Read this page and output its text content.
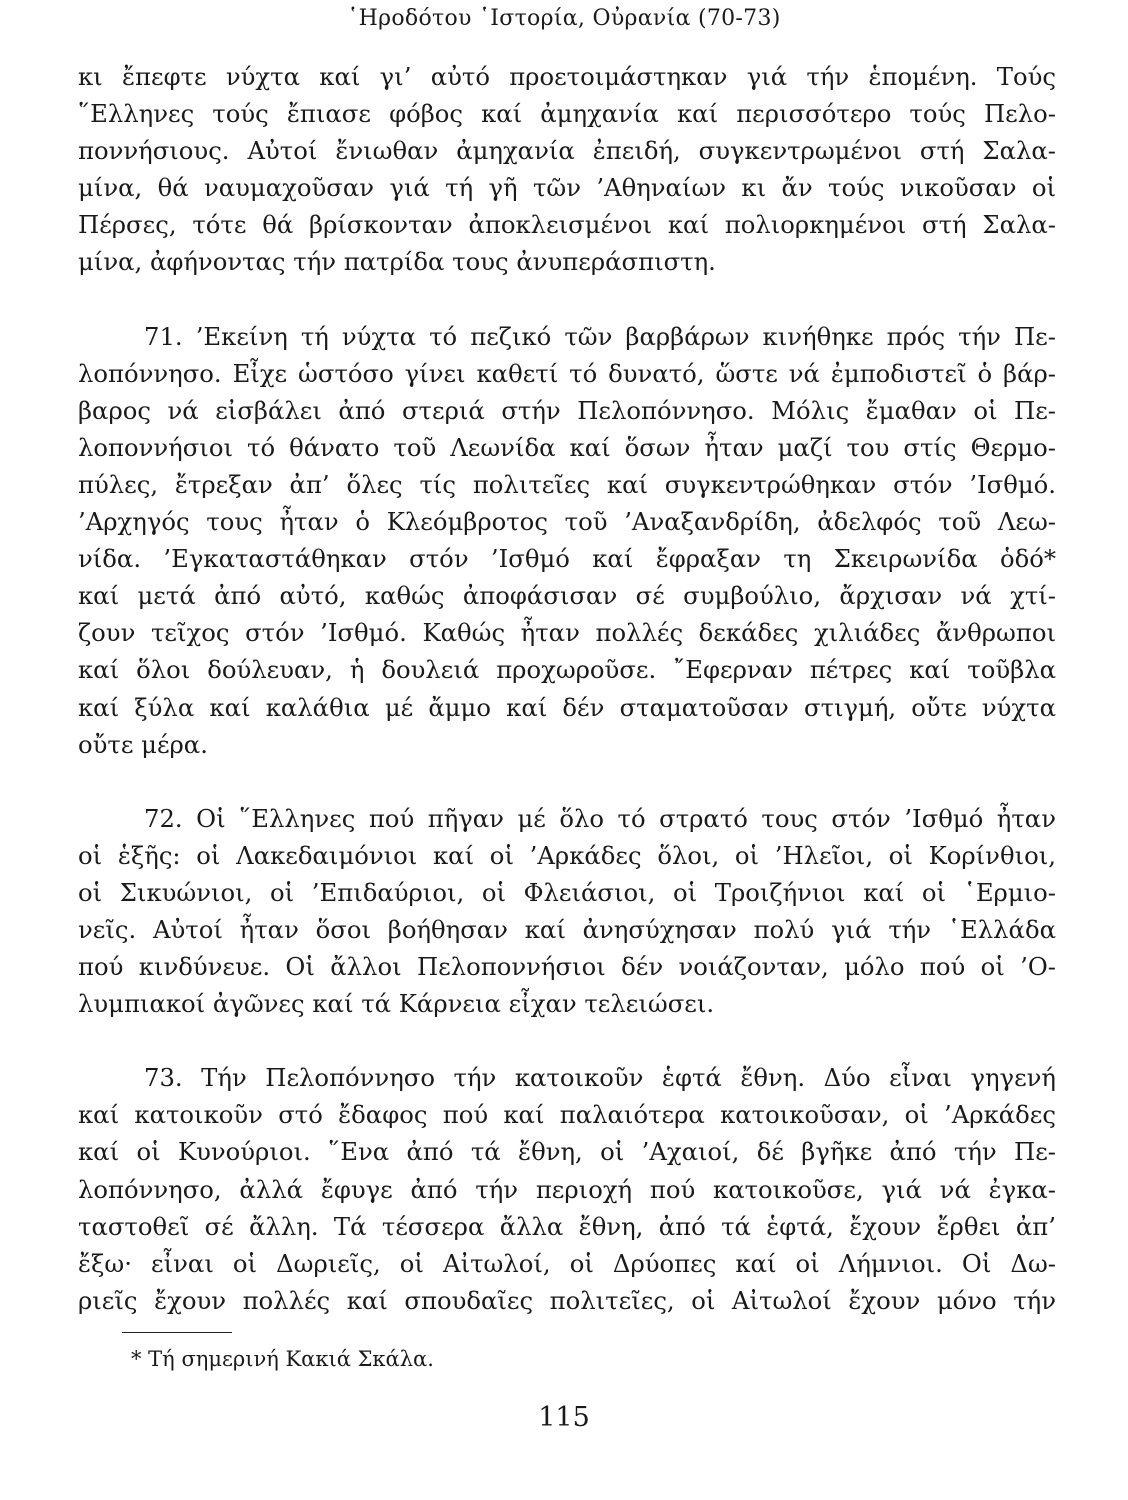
῾Ηροδότου ῾Ιστορία, Οὐρανία (70-73)
κι ἔπεφτε νύχτα καί γι’ αὐτό προετοιμάστηκαν γιά τήν ἑπομένη. Τούς
῞Ελληνες τούς ἔπιασε φόβος καί ἀμηχανία καί περισσότερο τούς Πελο-
ποννήσιους. Αὐτοί ἔνιωθαν ἀμηχανία ἐπειδή, συγκεντρωμένοι στή Σαλα-
μίνα, θά ναυμαχοῦσαν γιά τή γῆ τῶν ’Αθηναίων κι ἄν τούς νικοῦσαν οἱ
Πέρσες, τότε θά βρίσκονταν ἀποκλεισμένοι καί πολιορκημένοι στή Σαλα-
μίνα, ἀφήνοντας τήν πατρίδα τους ἀνυπεράσπιστη.
71. ’Εκείνη τή νύχτα τό πεζικό τῶν βαρβάρων κινήθηκε πρός τήν Πε-
λοπόννησο. Εἶχε ὡστόσο γίνει καθετί τό δυνατό, ὥστε νά ἐμποδιστεῖ ὁ βάρ-
βαρος νά εἰσβάλει ἀπό στεριά στήν Πελοπόννησο. Μόλις ἔμαθαν οἱ Πε-
λοποννήσιοι τό θάνατο τοῦ Λεωνίδα καί ὅσων ἦταν μαζί του στίς Θερμο-
πύλες, ἔτρεξαν ἀπ’ ὅλες τίς πολιτεῖες καί συγκεντρώθηκαν στόν ’Ισθμό.
’Αρχηγός τους ἦταν ὁ Κλεόμβροτος τοῦ ’Αναξανδρίδη, ἀδελφός τοῦ Λεω-
νίδα. ’Εγκαταστάθηκαν στόν ’Ισθμό καί ἔφραξαν τη Σκειρωνίδα ὁδό*
καί μετά ἀπό αὐτό, καθώς ἀποφάσισαν σέ συμβούλιο, ἄρχισαν νά χτί-
ζουν τεῖχος στόν ’Ισθμό. Καθώς ἦταν πολλές δεκάδες χιλιάδες ἄνθρωποι
καί ὅλοι δούλευαν, ἡ δουλειά προχωροῦσε. ῎Εφερναν πέτρες καί τοῦβλα
καί ξύλα καί καλάθια μέ ἄμμο καί δέν σταματοῦσαν στιγμή, οὔτε νύχτα
οὔτε μέρα.
72. Οἱ ῞Ελληνες πού πῆγαν μέ ὅλο τό στρατό τους στόν ’Ισθμό ἦταν
οἱ ἑξῆς: οἱ Λακεδαιμόνιοι καί οἱ ’Αρκάδες ὅλοι, οἱ ’Ηλεῖοι, οἱ Κορίνθιοι,
οἱ Σικυώνιοι, οἱ ’Επιδαύριοι, οἱ Φλειάσιοι, οἱ Τροιζήνιοι καί οἱ ῾Ερμιο-
νεῖς. Αὐτοί ἦταν ὅσοι βοήθησαν καί ἀνησύχησαν πολύ γιά τήν ῾Ελλάδα
πού κινδύνευε. Οἱ ἄλλοι Πελοποννήσιοι δέν νοιάζονταν, μόλο πού οἱ ’Ο-
λυμπιακοί ἀγῶνες καί τά Κάρνεια εἶχαν τελειώσει.
73. Τήν Πελοπόννησο τήν κατοικοῦν ἑφτά ἔθνη. Δύο εἶναι γηγενή
καί κατοικοῦν στό ἔδαφος πού καί παλαιότερα κατοικοῦσαν, οἱ ’Αρκάδες
καί οἱ Κυνούριοι. ῞Ενα ἀπό τά ἔθνη, οἱ ’Αχαιοί, δέ βγῆκε ἀπό τήν Πε-
λοπόννησο, ἀλλά ἔφυγε ἀπό τήν περιοχή πού κατοικοῦσε, γιά νά ἐγκα-
ταστοθεῖ σέ ἄλλη. Τά τέσσερα ἄλλα ἔθνη, ἀπό τά ἑφτά, ἔχουν ἔρθει ἀπ’
ἔξω· εἶναι οἱ Δωριεῖς, οἱ Αἰτωλοί, οἱ Δρύοπες καί οἱ Λήμνιοι. Οἱ Δω-
ριεῖς ἔχουν πολλές καί σπουδαῖες πολιτεῖες, οἱ Αἰτωλοί ἔχουν μόνο τήν
* Τή σημερινή Κακιά Σκάλα.
115
